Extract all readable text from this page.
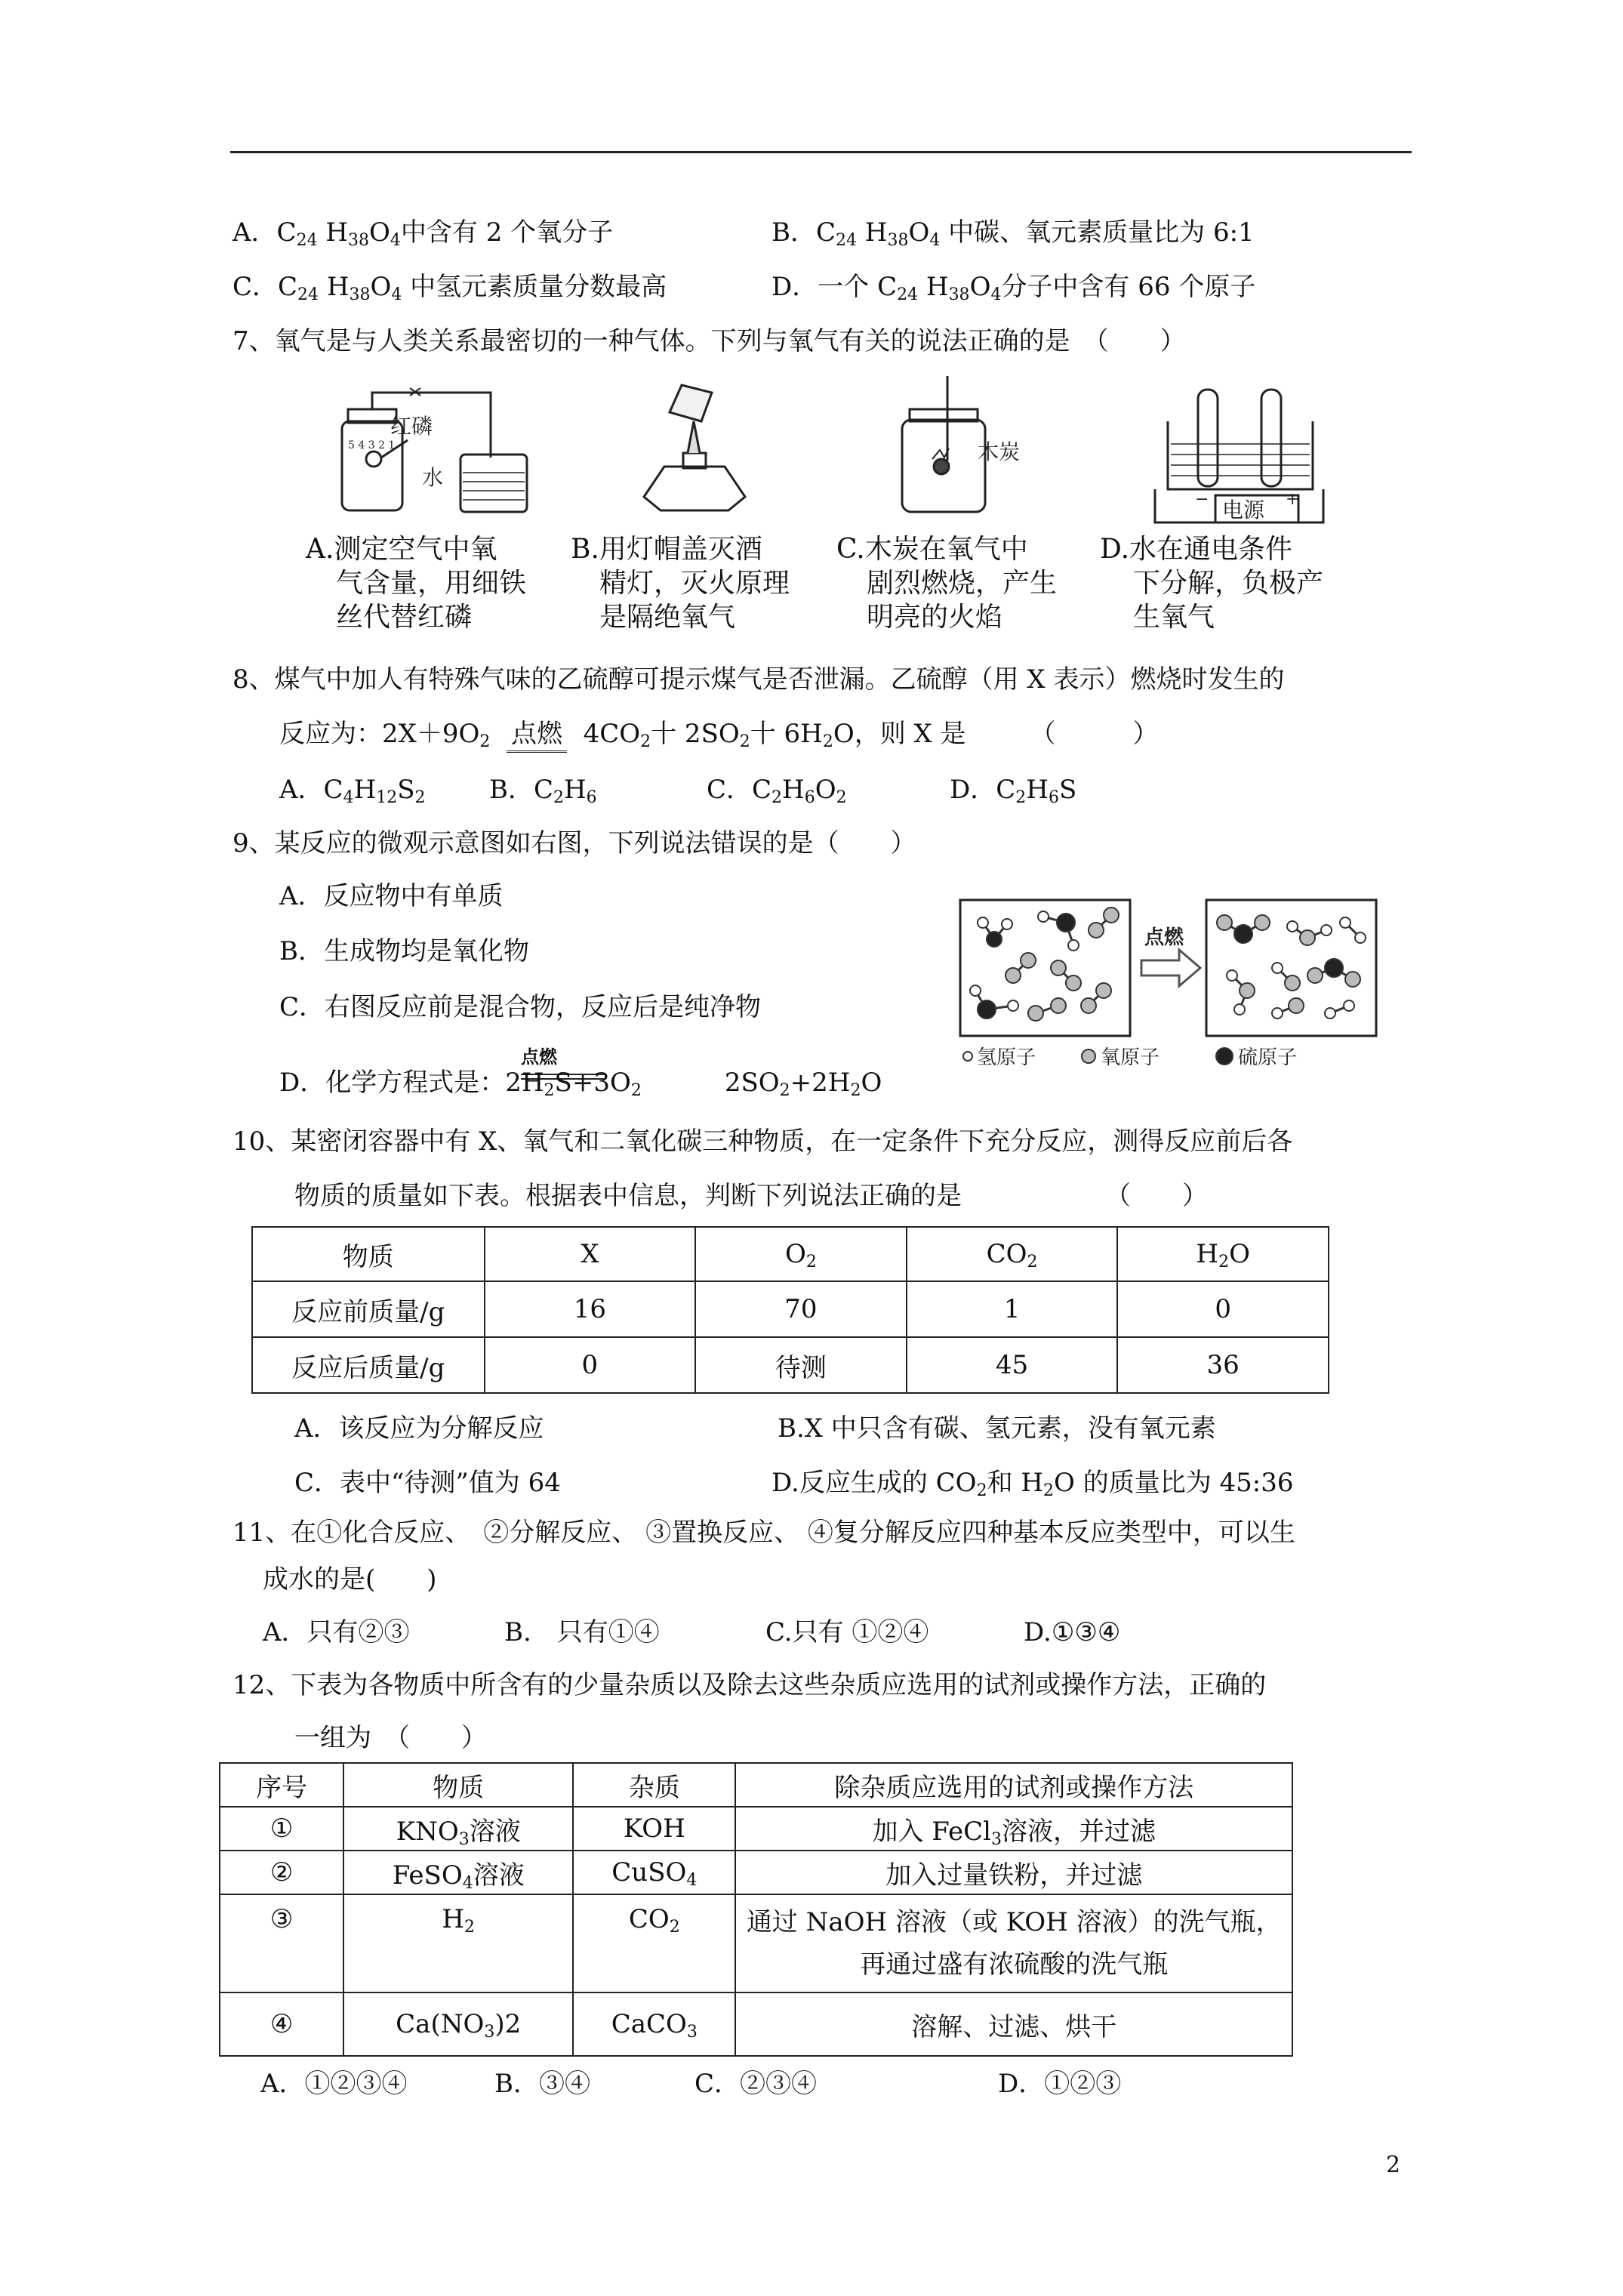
A．$C_{24}$ $H_{38}O_4$中含有 2 个氧分子	B．$C_{24}$ $H_{38}O_4$ 中碳、氧元素质量比为 6:1
C．$C_{24}$ $H_{38}O_4$ 中氢元素质量分数最高	D．一个 $C_{24}$ $H_{38}O_4$分子中含有 66 个原子
7、氧气是与人类关系最密切的一种气体。下列与氧气有关的说法正确的是　 （　　）
红磷
水
5 4 3 2 1	木炭
电源
−	+
A.测定空气中氧
气含量，用细铁
丝代替红磷
B.用灯帽盖灭酒
精灯，灭火原理
是隔绝氧气
C.木炭在氧气中
剧烈燃烧，产生
明亮的火焰
D.水在通电条件
下分解，负极产
生氧气
8、煤气中加人有特殊气味的乙硫醇可提示煤气是否泄漏。乙硫醇（用 X 表示）燃烧时发生的
反应为：$2X+9O_2$ 点燃 $4CO_2$十 $2SO_2$十 $6H_2O$，则 X 是　　　	（　　　）
A．$C_4H_{12}S_2$ B．$C_2H_6$	C．$C_2H_6O_2$	D．$C_2H_6S$
9、某反应的微观示意图如右图，下列说法错误的是（　　）
A．反应物中有单质
B．生成物均是氧化物
C．右图反应前是混合物，反应后是纯净物
点燃
D．化学方程式是：$2H_2S+3O_2$	$2SO_2+2H_2O$
点燃
氢原子	氧原子	硫原子
10、某密闭容器中有 X、氧气和二氧化碳三种物质，在一定条件下充分反应，测得反应前后各
物质的质量如下表。根据表中信息，判断下列说法正确的是	（　　）
物质	X	$O_2$	$CO_2$	$H_2O$
反应前质量/g	16	70	1	0
反应后质量/g	0	待测	45	36
A．该反应为分解反应	B.X 中只含有碳、氢元素，没有氧元素
C．表中“待测”值为 64	D.反应生成的 $CO_2$和 $H_2O$ 的质量比为 45:36
11、在①化合反应、　②分解反应、 ③置换反应、 ④复分解反应四种基本反应类型中，可以生
成水的是(　　)
A．只有②③	B.　只有①④	C.只有 ①②④	D.①③④
12、下表为各物质中所含有的少量杂质以及除去这些杂质应选用的试剂或操作方法，正确的
一组为　（　　）
序号	物质	杂质	除杂质应选用的试剂或操作方法
①	$KNO_3$溶液	KOH	加入 FeCl$_3$溶液，并过滤
②	FeSO$_4$溶液	CuSO$_4$	加入过量铁粉，并过滤
③	$H_2$	$CO_2$	通过 NaOH 溶液（或 KOH 溶液）的洗气瓶，
再通过盛有浓硫酸的洗气瓶

④	$Ca(NO_3)2$	CaCO$_3$	溶解、过滤、烘干
A．①②③④	B．③④	C．②③④	D．①②③
2
